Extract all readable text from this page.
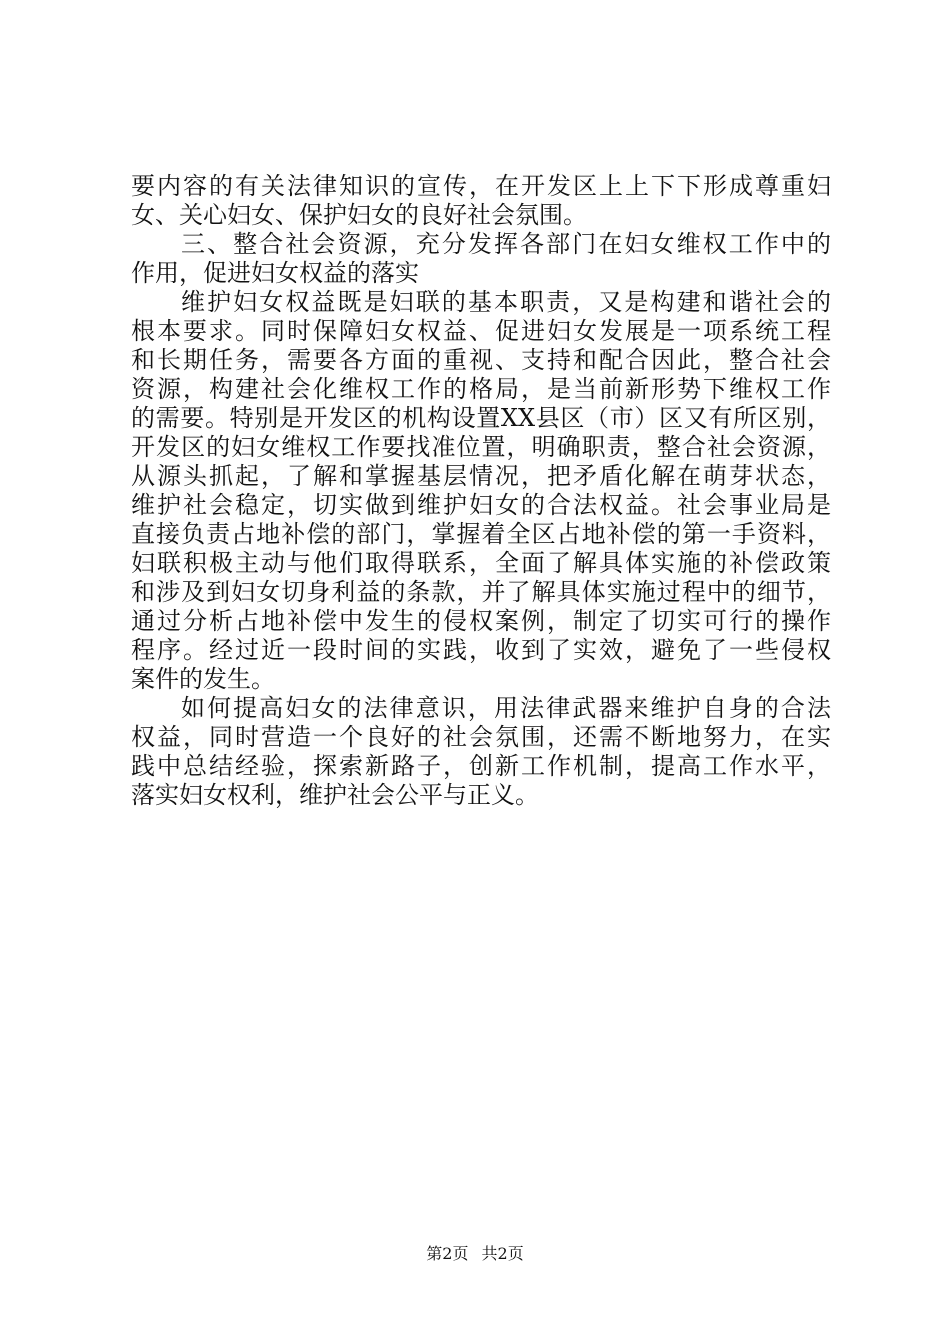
要内容的有关法律知识的宣传，在开发区上上下下形成尊重妇
女、关心妇女、保护妇女的良好社会氛围。
三、整合社会资源，充分发挥各部门在妇女维权工作中的
作用，促进妇女权益的落实
维护妇女权益既是妇联的基本职责，又是构建和谐社会的
根本要求。同时保障妇女权益、促进妇女发展是一项系统工程
和长期任务，需要各方面的重视、支持和配合因此，整合社会
资源，构建社会化维权工作的格局，是当前新形势下维权工作
的需要。特别是开发区的机构设置XX县区（市）区又有所区别，
开发区的妇女维权工作要找准位置，明确职责，整合社会资源，
从源头抓起，了解和掌握基层情况，把矛盾化解在萌芽状态，
维护社会稳定，切实做到维护妇女的合法权益。社会事业局是
直接负责占地补偿的部门，掌握着全区占地补偿的第一手资料，
妇联积极主动与他们取得联系，全面了解具体实施的补偿政策
和涉及到妇女切身利益的条款，并了解具体实施过程中的细节，
通过分析占地补偿中发生的侵权案例，制定了切实可行的操作
程序。经过近一段时间的实践，收到了实效，避免了一些侵权
案件的发生。
如何提高妇女的法律意识，用法律武器来维护自身的合法
权益，同时营造一个良好的社会氛围，还需不断地努力，在实
践中总结经验，探索新路子，创新工作机制，提高工作水平，
落实妇女权利，维护社会公平与正义。
第2页 共2页
